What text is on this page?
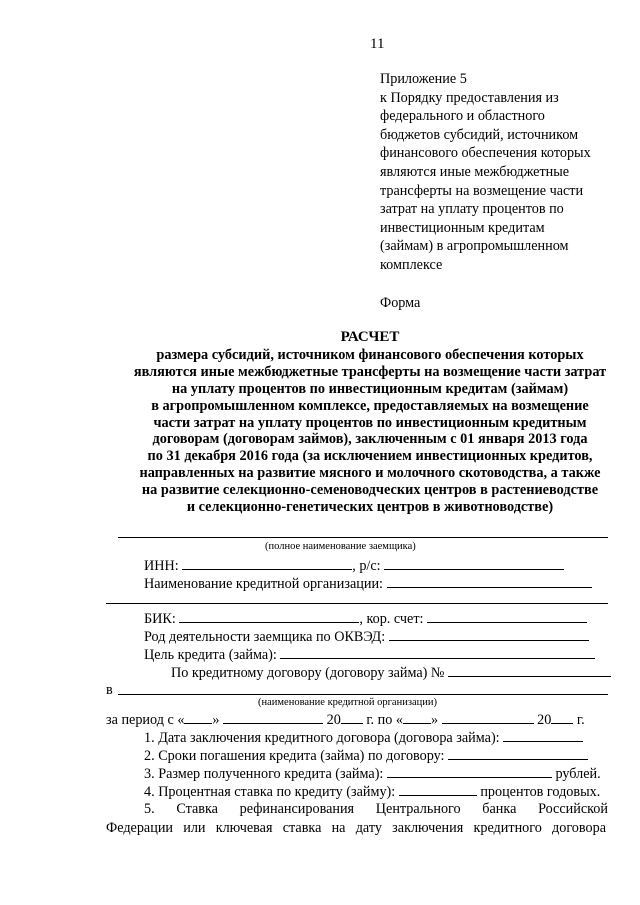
11
Приложение 5
к Порядку предоставления из
федерального и областного
бюджетов субсидий, источником
финансового обеспечения которых
являются иные межбюджетные
трансферты на возмещение части
затрат на уплату процентов по
инвестиционным кредитам
(займам) в агропромышленном
комплексе
Форма
РАСЧЕТ
размера субсидий, источником финансового обеспечения которых
являются иные межбюджетные трансферты на возмещение части затрат
на уплату процентов по инвестиционным кредитам (займам)
в агропромышленном комплексе, предоставляемых на возмещение
части затрат на уплату процентов по инвестиционным кредитным
договорам (договорам займов), заключенным с 01 января 2013 года
по 31 декабря 2016 года (за исключением инвестиционных кредитов,
направленных на развитие мясного и молочного скотоводства, а также
на развитие селекционно-семеноводческих центров в растениеводстве
и селекционно-генетических центров в животноводстве)
(полное наименование заемщика)
ИНН:	, р/с:
Наименование кредитной организации:
БИК:	, кор. счет:
Род деятельности заемщика по ОКВЭД:
Цель кредита (займа):
По кредитному договору (договору займа) №
в
(наименование кредитной организации)
за период с « »	20 г. по « »	20 г.
1. Дата заключения кредитного договора (договора займа):
2. Сроки погашения кредита (займа) по договору:
3. Размер полученного кредита (займа):	рублей.
4. Процентная ставка по кредиту (займу):	процентов годовых.
5. Ставка рефинансирования Центрального банка Российской
Федерации или ключевая ставка на дату заключения кредитного договора
